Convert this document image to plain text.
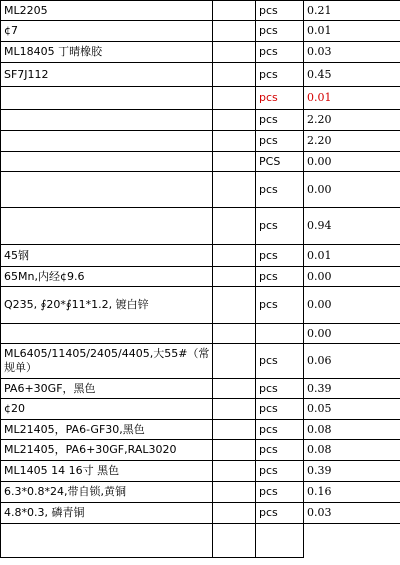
ML2205		pcs	0.21
¢7		pcs	0.01
ML18405 丁晴橡胶		pcs	0.03
SF7J112		pcs	0.45
		pcs	0.01
		pcs	2.20
		pcs	2.20
		PCS	0.00
		pcs	0.00
		pcs	0.94
45钢		pcs	0.01
65Mn,内经¢9.6		pcs	0.00
Q235, ∮20*∮11*1.2, 镀白锌		pcs	0.00
			0.00
ML6405/11405/2405/4405,大55#（常规单）		pcs	0.06
PA6+30GF，黑色		pcs	0.39
¢20		pcs	0.05
ML21405，PA6-GF30,黑色		pcs	0.08
ML21405，PA6+30GF,RAL3020		pcs	0.08
ML1405 14 16寸 黑色		pcs	0.39
6.3*0.8*24,带自锁,黄铜		pcs	0.16
4.8*0.3, 磷青铜		pcs	0.03
